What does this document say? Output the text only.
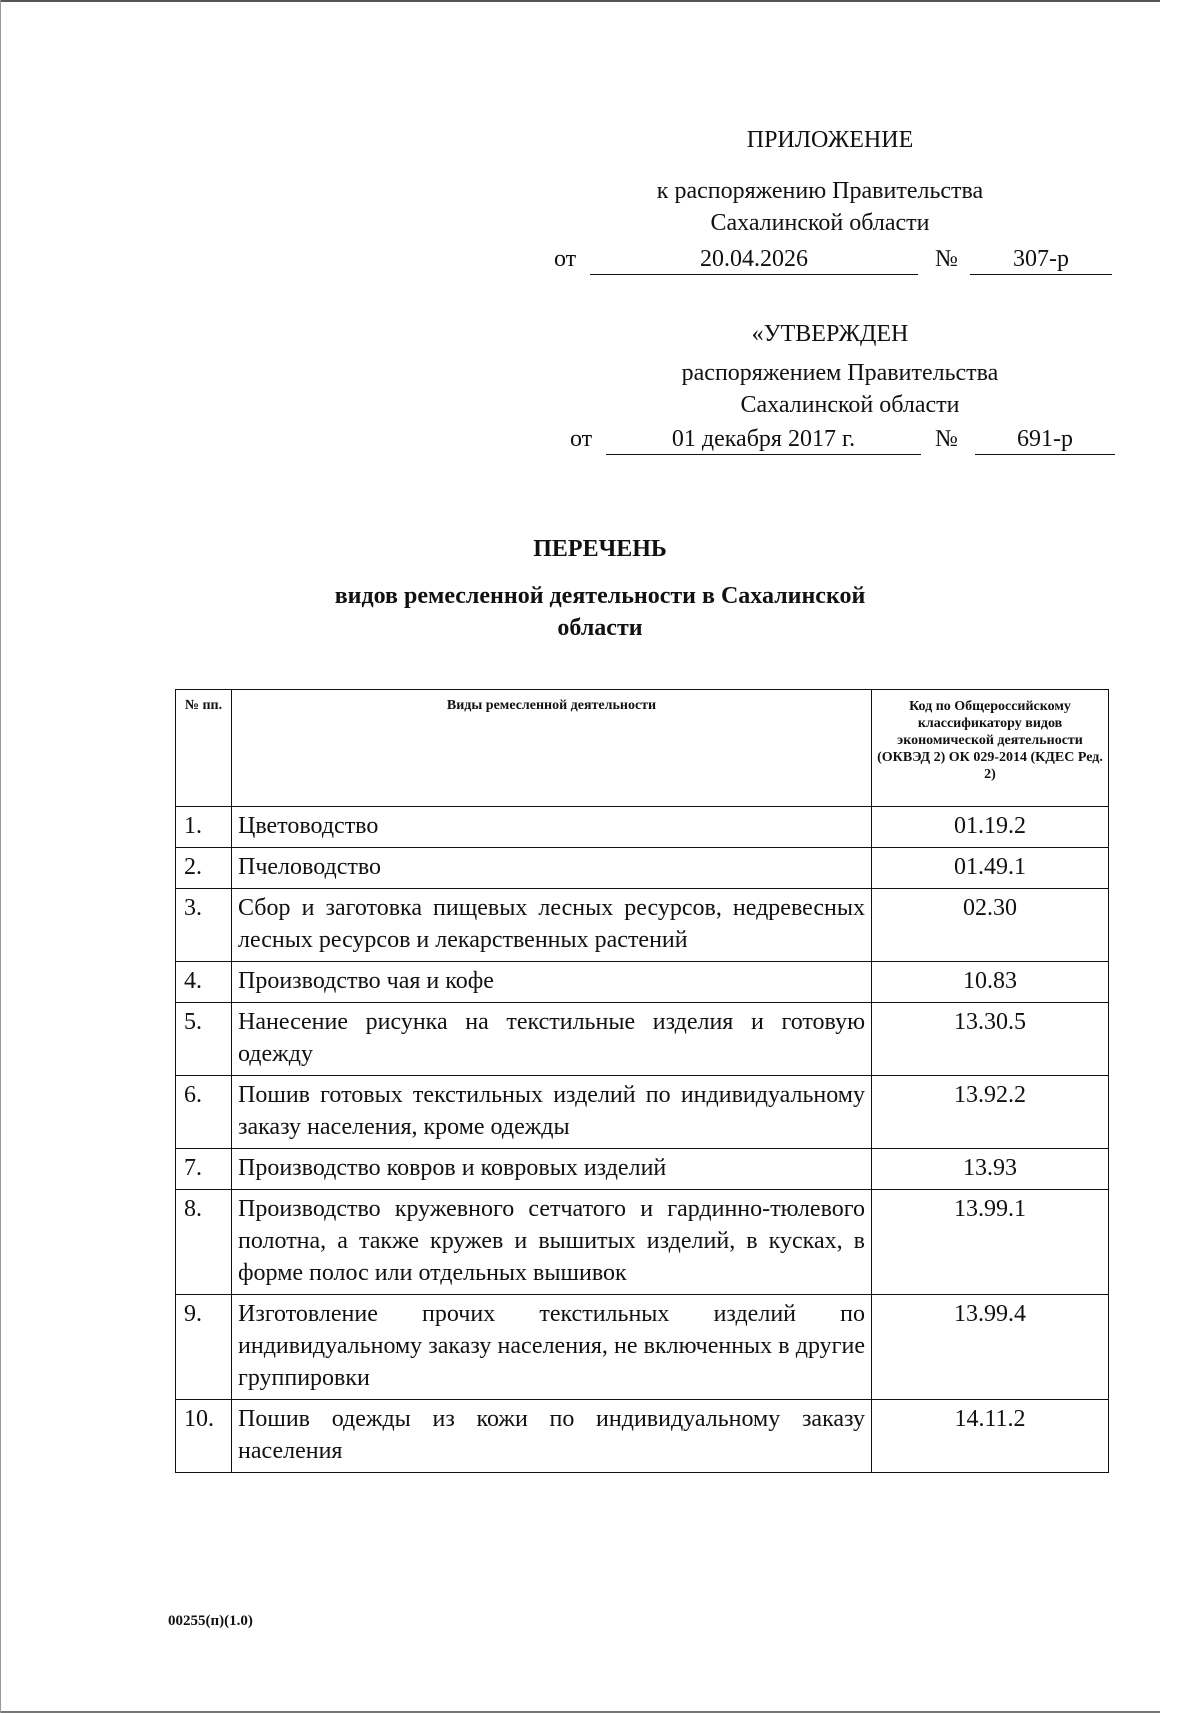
ПРИЛОЖЕНИЕ
к распоряжению Правительства
Сахалинской области
от	20.04.2026	№	307-р
«УТВЕРЖДЕН
распоряжением Правительства
Сахалинской области
от	01 декабря 2017 г.	№	691-р
ПЕРЕЧЕНЬ
видов ремесленной деятельности в Сахалинской
области
№ пп.	Виды ремесленной деятельности	Код по Общероссийскому классификатору видов экономической деятельности (ОКВЭД 2) ОК 029-2014 (КДЕС Ред. 2)
1.	Цветоводство	01.19.2
2.	Пчеловодство	01.49.1
3.	Сбор и заготовка пищевых лесных ресурсов, недревесных лесных ресурсов и лекарственных растений	02.30
4.	Производство чая и кофе	10.83
5.	Нанесение рисунка на текстильные изделия и готовую одежду	13.30.5
6.	Пошив готовых текстильных изделий по индивидуальному заказу населения, кроме одежды	13.92.2
7.	Производство ковров и ковровых изделий	13.93
8.	Производство кружевного сетчатого и гардинно-тюлевого полотна, а также кружев и вышитых изделий, в кусках, в форме полос или отдельных вышивок	13.99.1
9.	Изготовление прочих текстильных изделий по индивидуальному заказу населения, не включенных в другие группировки	13.99.4
10.	Пошив одежды из кожи по индивидуальному заказу населения	14.11.2
00255(п)(1.0)
